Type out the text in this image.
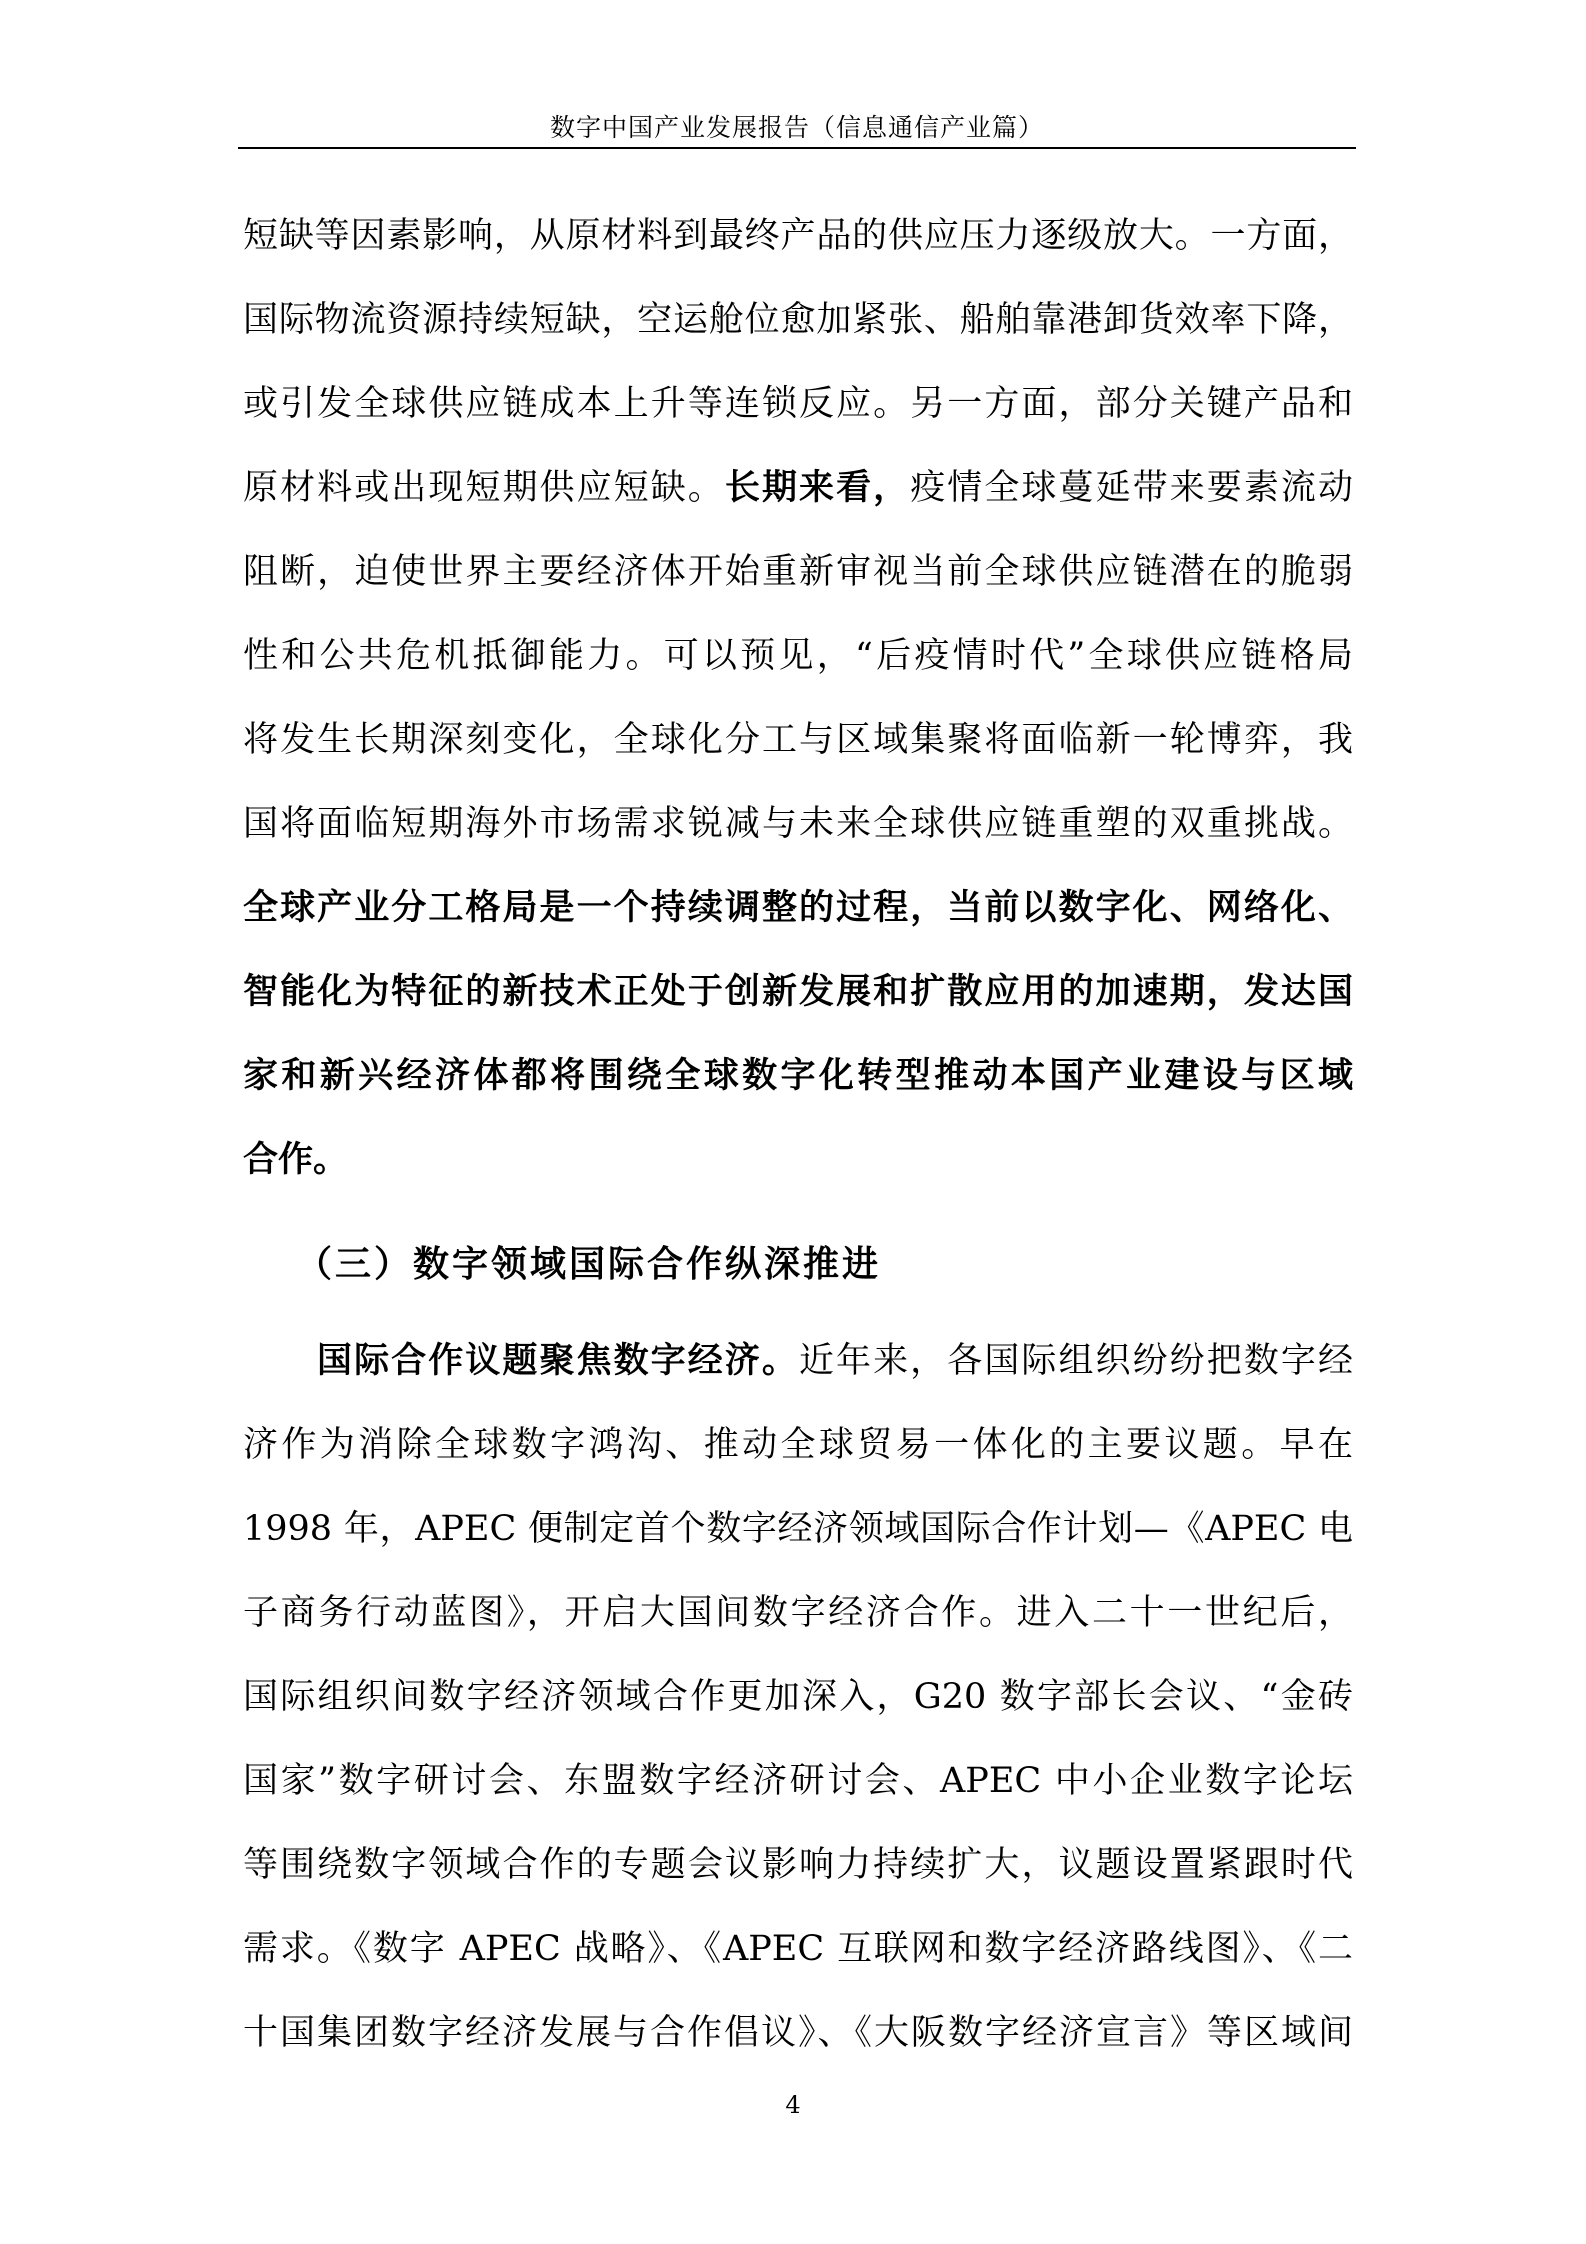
数字中国产业发展报告（信息通信产业篇）
短缺等因素影响，从原材料到最终产品的供应压力逐级放大。一方面，
国际物流资源持续短缺，空运舱位愈加紧张、船舶靠港卸货效率下降，
或引发全球供应链成本上升等连锁反应。另一方面，部分关键产品和
原材料或出现短期供应短缺。长期来看，疫情全球蔓延带来要素流动
阻断，迫使世界主要经济体开始重新审视当前全球供应链潜在的脆弱
性和公共危机抵御能力。可以预见，“后疫情时代”全球供应链格局
将发生长期深刻变化，全球化分工与区域集聚将面临新一轮博弈，我
国将面临短期海外市场需求锐减与未来全球供应链重塑的双重挑战。
全球产业分工格局是一个持续调整的过程，当前以数字化、网络化、
智能化为特征的新技术正处于创新发展和扩散应用的加速期，发达国
家和新兴经济体都将围绕全球数字化转型推动本国产业建设与区域
合作。
（三）数字领域国际合作纵深推进
国际合作议题聚焦数字经济。近年来，各国际组织纷纷把数字经
济作为消除全球数字鸿沟、推动全球贸易一体化的主要议题。早在
1998 年，APEC 便制定首个数字经济领域国际合作计划—《APEC 电
子商务行动蓝图》，开启大国间数字经济合作。进入二十一世纪后，
国际组织间数字经济领域合作更加深入，G20 数字部长会议、“金砖
国家”数字研讨会、东盟数字经济研讨会、APEC 中小企业数字论坛
等围绕数字领域合作的专题会议影响力持续扩大，议题设置紧跟时代
需求。《数字 APEC 战略》、《APEC 互联网和数字经济路线图》、《二
十国集团数字经济发展与合作倡议》、《大阪数字经济宣言》等区域间
4
